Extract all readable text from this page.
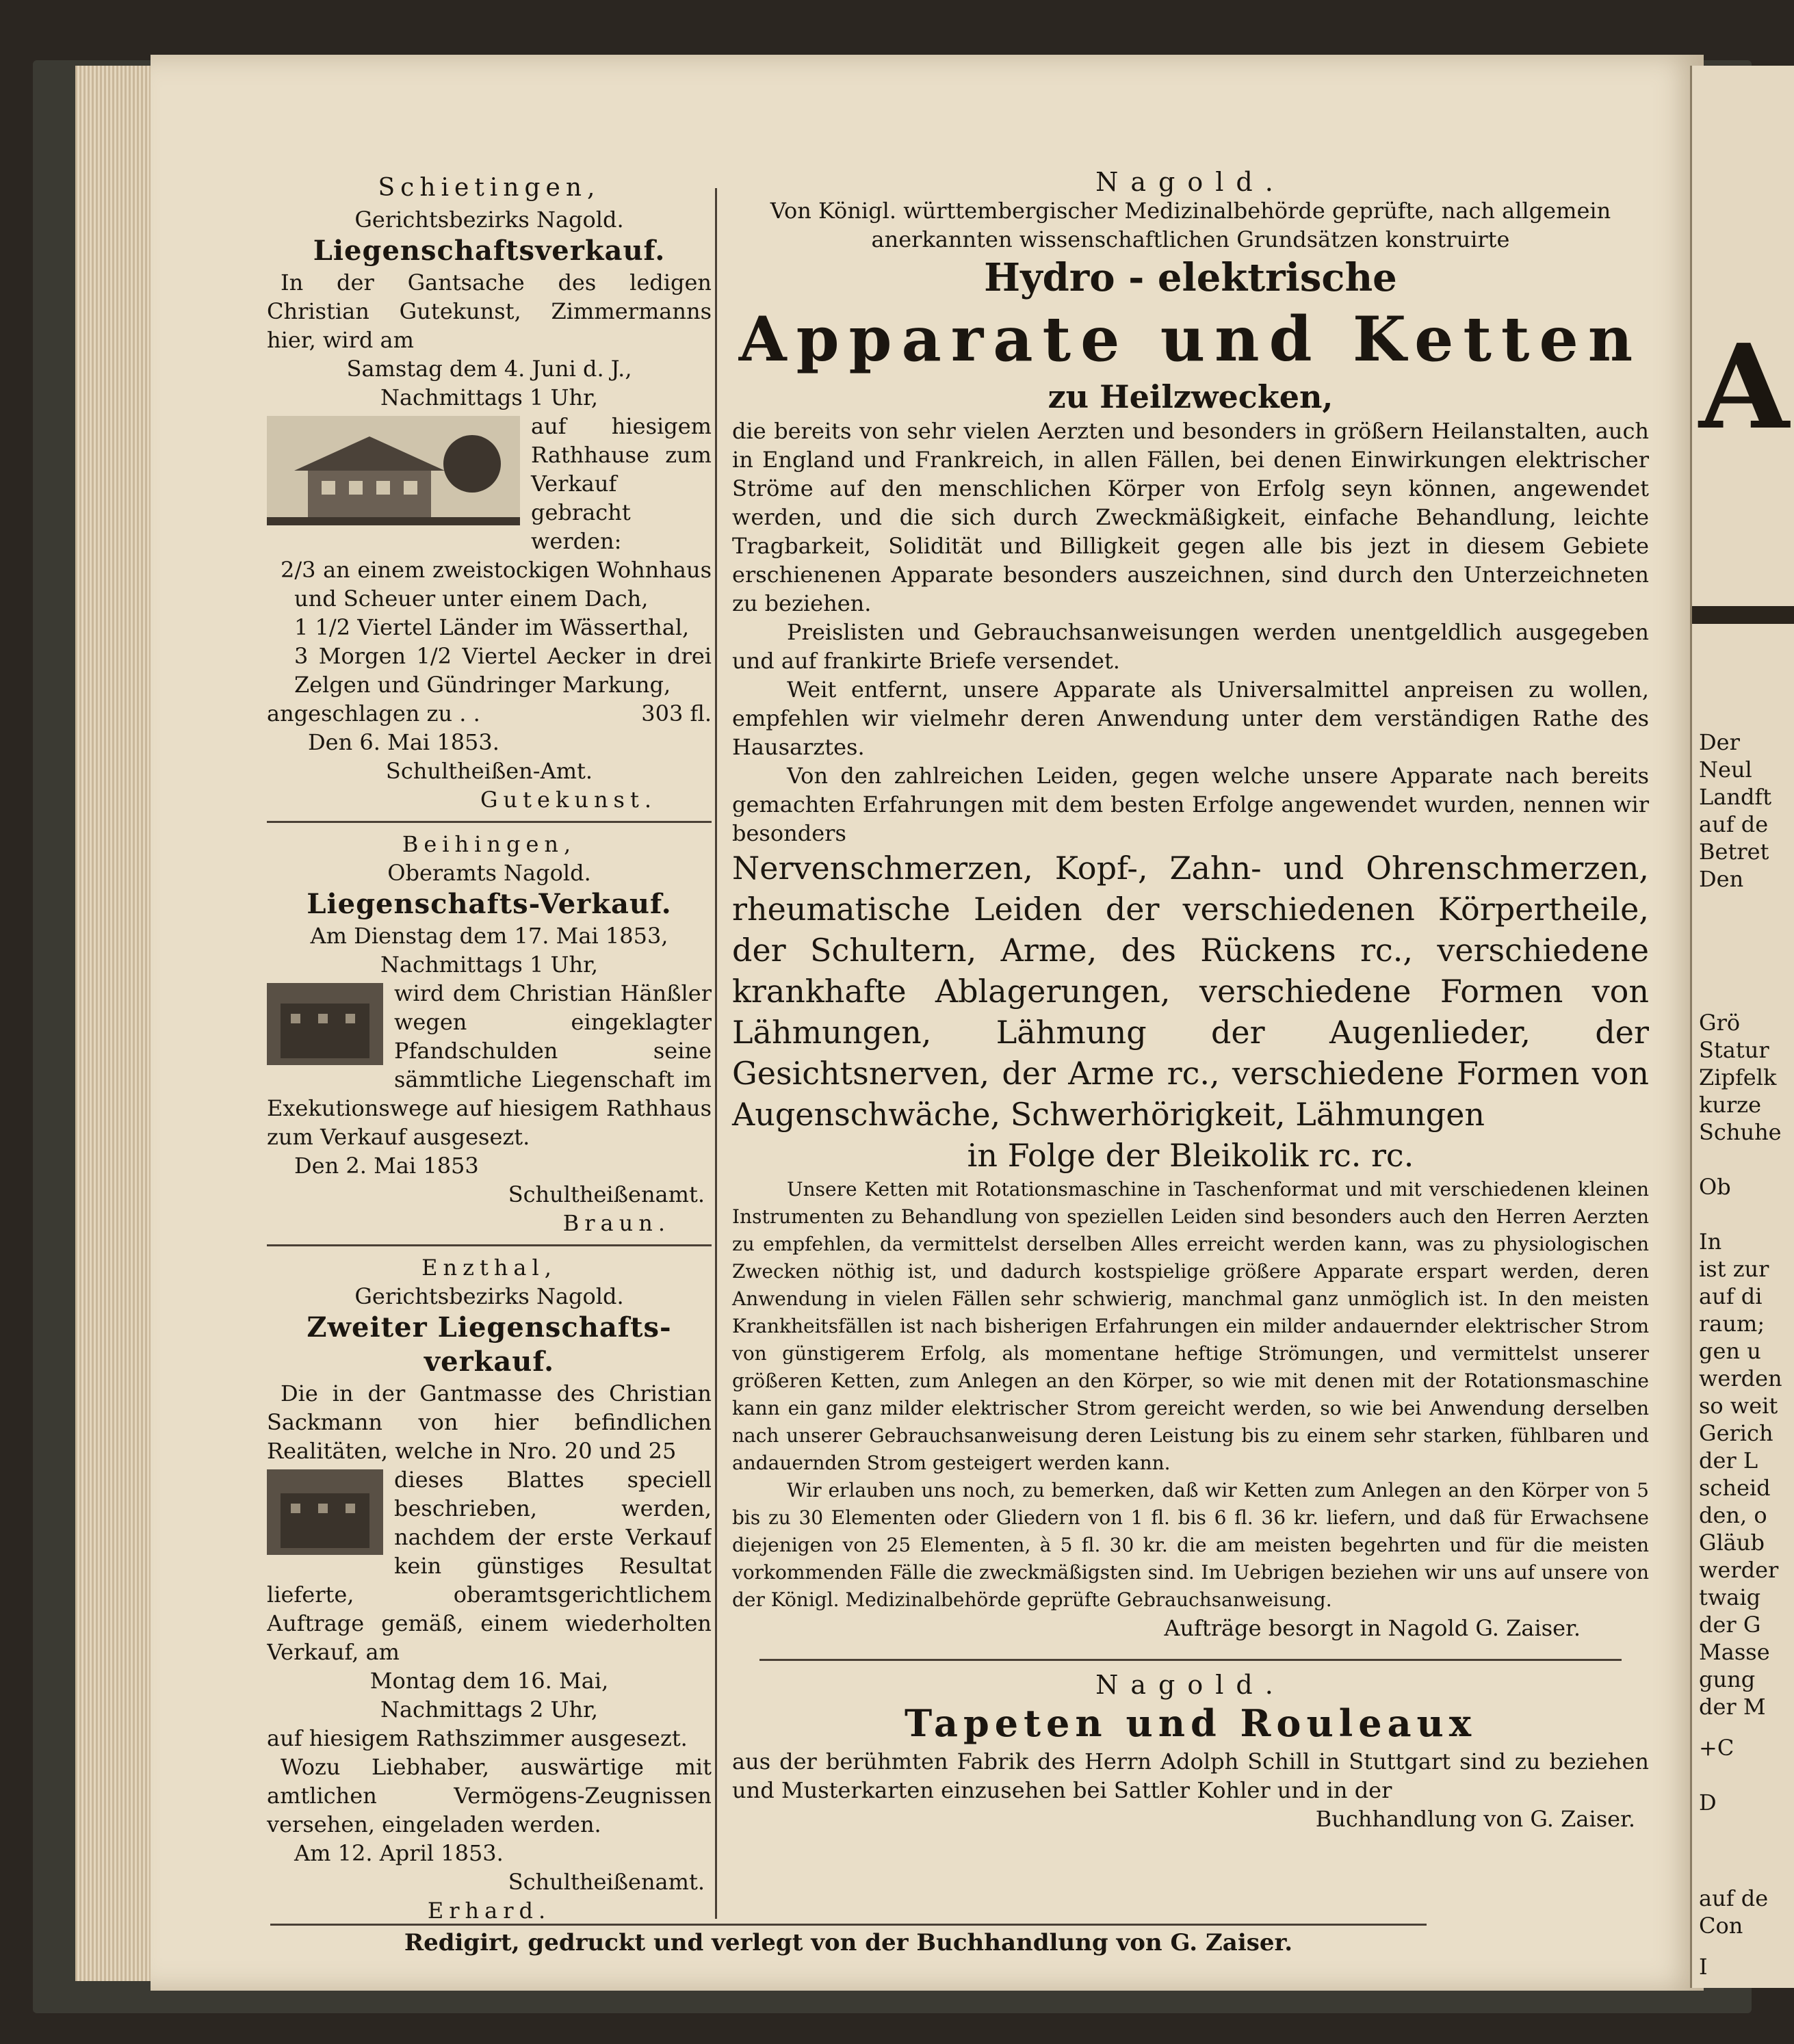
Schietingen,

Gerichtsbezirks Nagold.

Liegenschaftsverkauf.

In der Gantsache des ledigen Christian Gutekunst, Zimmermanns hier, wird am

Samstag dem 4. Juni d. J.,

Nachmittags 1 Uhr,

auf hiesigem Rathhause zum Verkauf gebracht werden:

2/3 an einem zweistockigen Wohnhaus und Scheuer unter einem Dach,

1 1/2 Viertel Länder im Wässerthal,

3 Morgen 1/2 Viertel Aecker in drei Zelgen und Gündringer Markung,

angeschlagen zu . .	303 fl.

Den 6. Mai 1853.

Schultheißen-Amt.

Gutekunst.

Beihingen,

Oberamts Nagold.

Liegenschafts-Verkauf.

Am Dienstag dem 17. Mai 1853,

Nachmittags 1 Uhr,

wird dem Christian Hänßler wegen eingeklagter Pfandschulden seine sämmtliche Liegenschaft im Exekutionswege auf hiesigem Rathhaus zum Verkauf ausgesezt.

Den 2. Mai 1853

Schultheißenamt.

Braun.

Enzthal,

Gerichtsbezirks Nagold.

Zweiter Liegenschafts-verkauf.

Die in der Gantmasse des Christian Sackmann von hier befindlichen Realitäten, welche in Nro. 20 und 25

dieses Blattes speciell beschrieben, werden, nachdem der erste Verkauf kein günstiges Resultat lieferte, oberamtsgerichtlichem Auftrage gemäß, einem wiederholten Verkauf, am

Montag dem 16. Mai,

Nachmittags 2 Uhr,

auf hiesigem Rathszimmer ausgesezt.

Wozu Liebhaber, auswärtige mit amtlichen Vermögens-Zeugnissen versehen, eingeladen werden.

Am 12. April 1853.

Schultheißenamt.

Erhard.

Nagold.

Von Königl. württembergischer Medizinalbehörde geprüfte, nach allgemein anerkannten wissenschaftlichen Grundsätzen konstruirte

Hydro - elektrische

Apparate und Ketten

zu Heilzwecken,

die bereits von sehr vielen Aerzten und besonders in größern Heilanstalten, auch in England und Frankreich, in allen Fällen, bei denen Einwirkungen elektrischer Ströme auf den menschlichen Körper von Erfolg seyn können, angewendet werden, und die sich durch Zweckmäßigkeit, einfache Behandlung, leichte Tragbarkeit, Solidität und Billigkeit gegen alle bis jezt in diesem Gebiete erschienenen Apparate besonders auszeichnen, sind durch den Unterzeichneten zu beziehen.

Preislisten und Gebrauchsanweisungen werden unentgeldlich ausgegeben und auf frankirte Briefe versendet.

Weit entfernt, unsere Apparate als Universalmittel anpreisen zu wollen, empfehlen wir vielmehr deren Anwendung unter dem verständigen Rathe des Hausarztes.

Von den zahlreichen Leiden, gegen welche unsere Apparate nach bereits gemachten Erfahrungen mit dem besten Erfolge angewendet wurden, nennen wir besonders

Nervenschmerzen, Kopf-, Zahn- und Ohrenschmerzen, rheumatische Leiden der verschiedenen Körpertheile, der Schultern, Arme, des Rückens rc., verschiedene krankhafte Ablagerungen, verschiedene Formen von Lähmungen, Lähmung der Augenlieder, der Gesichtsnerven, der Arme rc., verschiedene Formen von Augenschwäche, Schwerhörigkeit, Lähmungen

in Folge der Bleikolik rc. rc.

Unsere Ketten mit Rotationsmaschine in Taschenformat und mit verschiedenen kleinen Instrumenten zu Behandlung von speziellen Leiden sind besonders auch den Herren Aerzten zu empfehlen, da vermittelst derselben Alles erreicht werden kann, was zu physiologischen Zwecken nöthig ist, und dadurch kostspielige größere Apparate erspart werden, deren Anwendung in vielen Fällen sehr schwierig, manchmal ganz unmöglich ist. In den meisten Krankheitsfällen ist nach bisherigen Erfahrungen ein milder andauernder elektrischer Strom von günstigerem Erfolg, als momentane heftige Strömungen, und vermittelst unserer größeren Ketten, zum Anlegen an den Körper, so wie mit denen mit der Rotationsmaschine kann ein ganz milder elektrischer Strom gereicht werden, so wie bei Anwendung derselben nach unserer Gebrauchsanweisung deren Leistung bis zu einem sehr starken, fühlbaren und andauernden Strom gesteigert werden kann.

Wir erlauben uns noch, zu bemerken, daß wir Ketten zum Anlegen an den Körper von 5 bis zu 30 Elementen oder Gliedern von 1 fl. bis 6 fl. 36 kr. liefern, und daß für Erwachsene diejenigen von 25 Elementen, à 5 fl. 30 kr. die am meisten begehrten und für die meisten vorkommenden Fälle die zweckmäßigsten sind. Im Uebrigen beziehen wir uns auf unsere von der Königl. Medizinalbehörde geprüfte Gebrauchsanweisung.

Aufträge besorgt in Nagold G. Zaiser.

Nagold.

Tapeten und Rouleaux

aus der berühmten Fabrik des Herrn Adolph Schill in Stuttgart sind zu beziehen und Musterkarten einzusehen bei Sattler Kohler und in der

Buchhandlung von G. Zaiser.

Redigirt, gedruckt und verlegt von der Buchhandlung von G. Zaiser.

A
Der
Neul
Landft
auf de
Betret
Den
Grö
Statur
Zipfelk
kurze
Schuhe
Ob
In
ist zur
auf di
raum;
gen u
werden
so weit
Gerich
der L
scheid
den, o
Gläub
werder
twaig
der G
Masse
gung
der M
+C
D
auf de
Con
I
